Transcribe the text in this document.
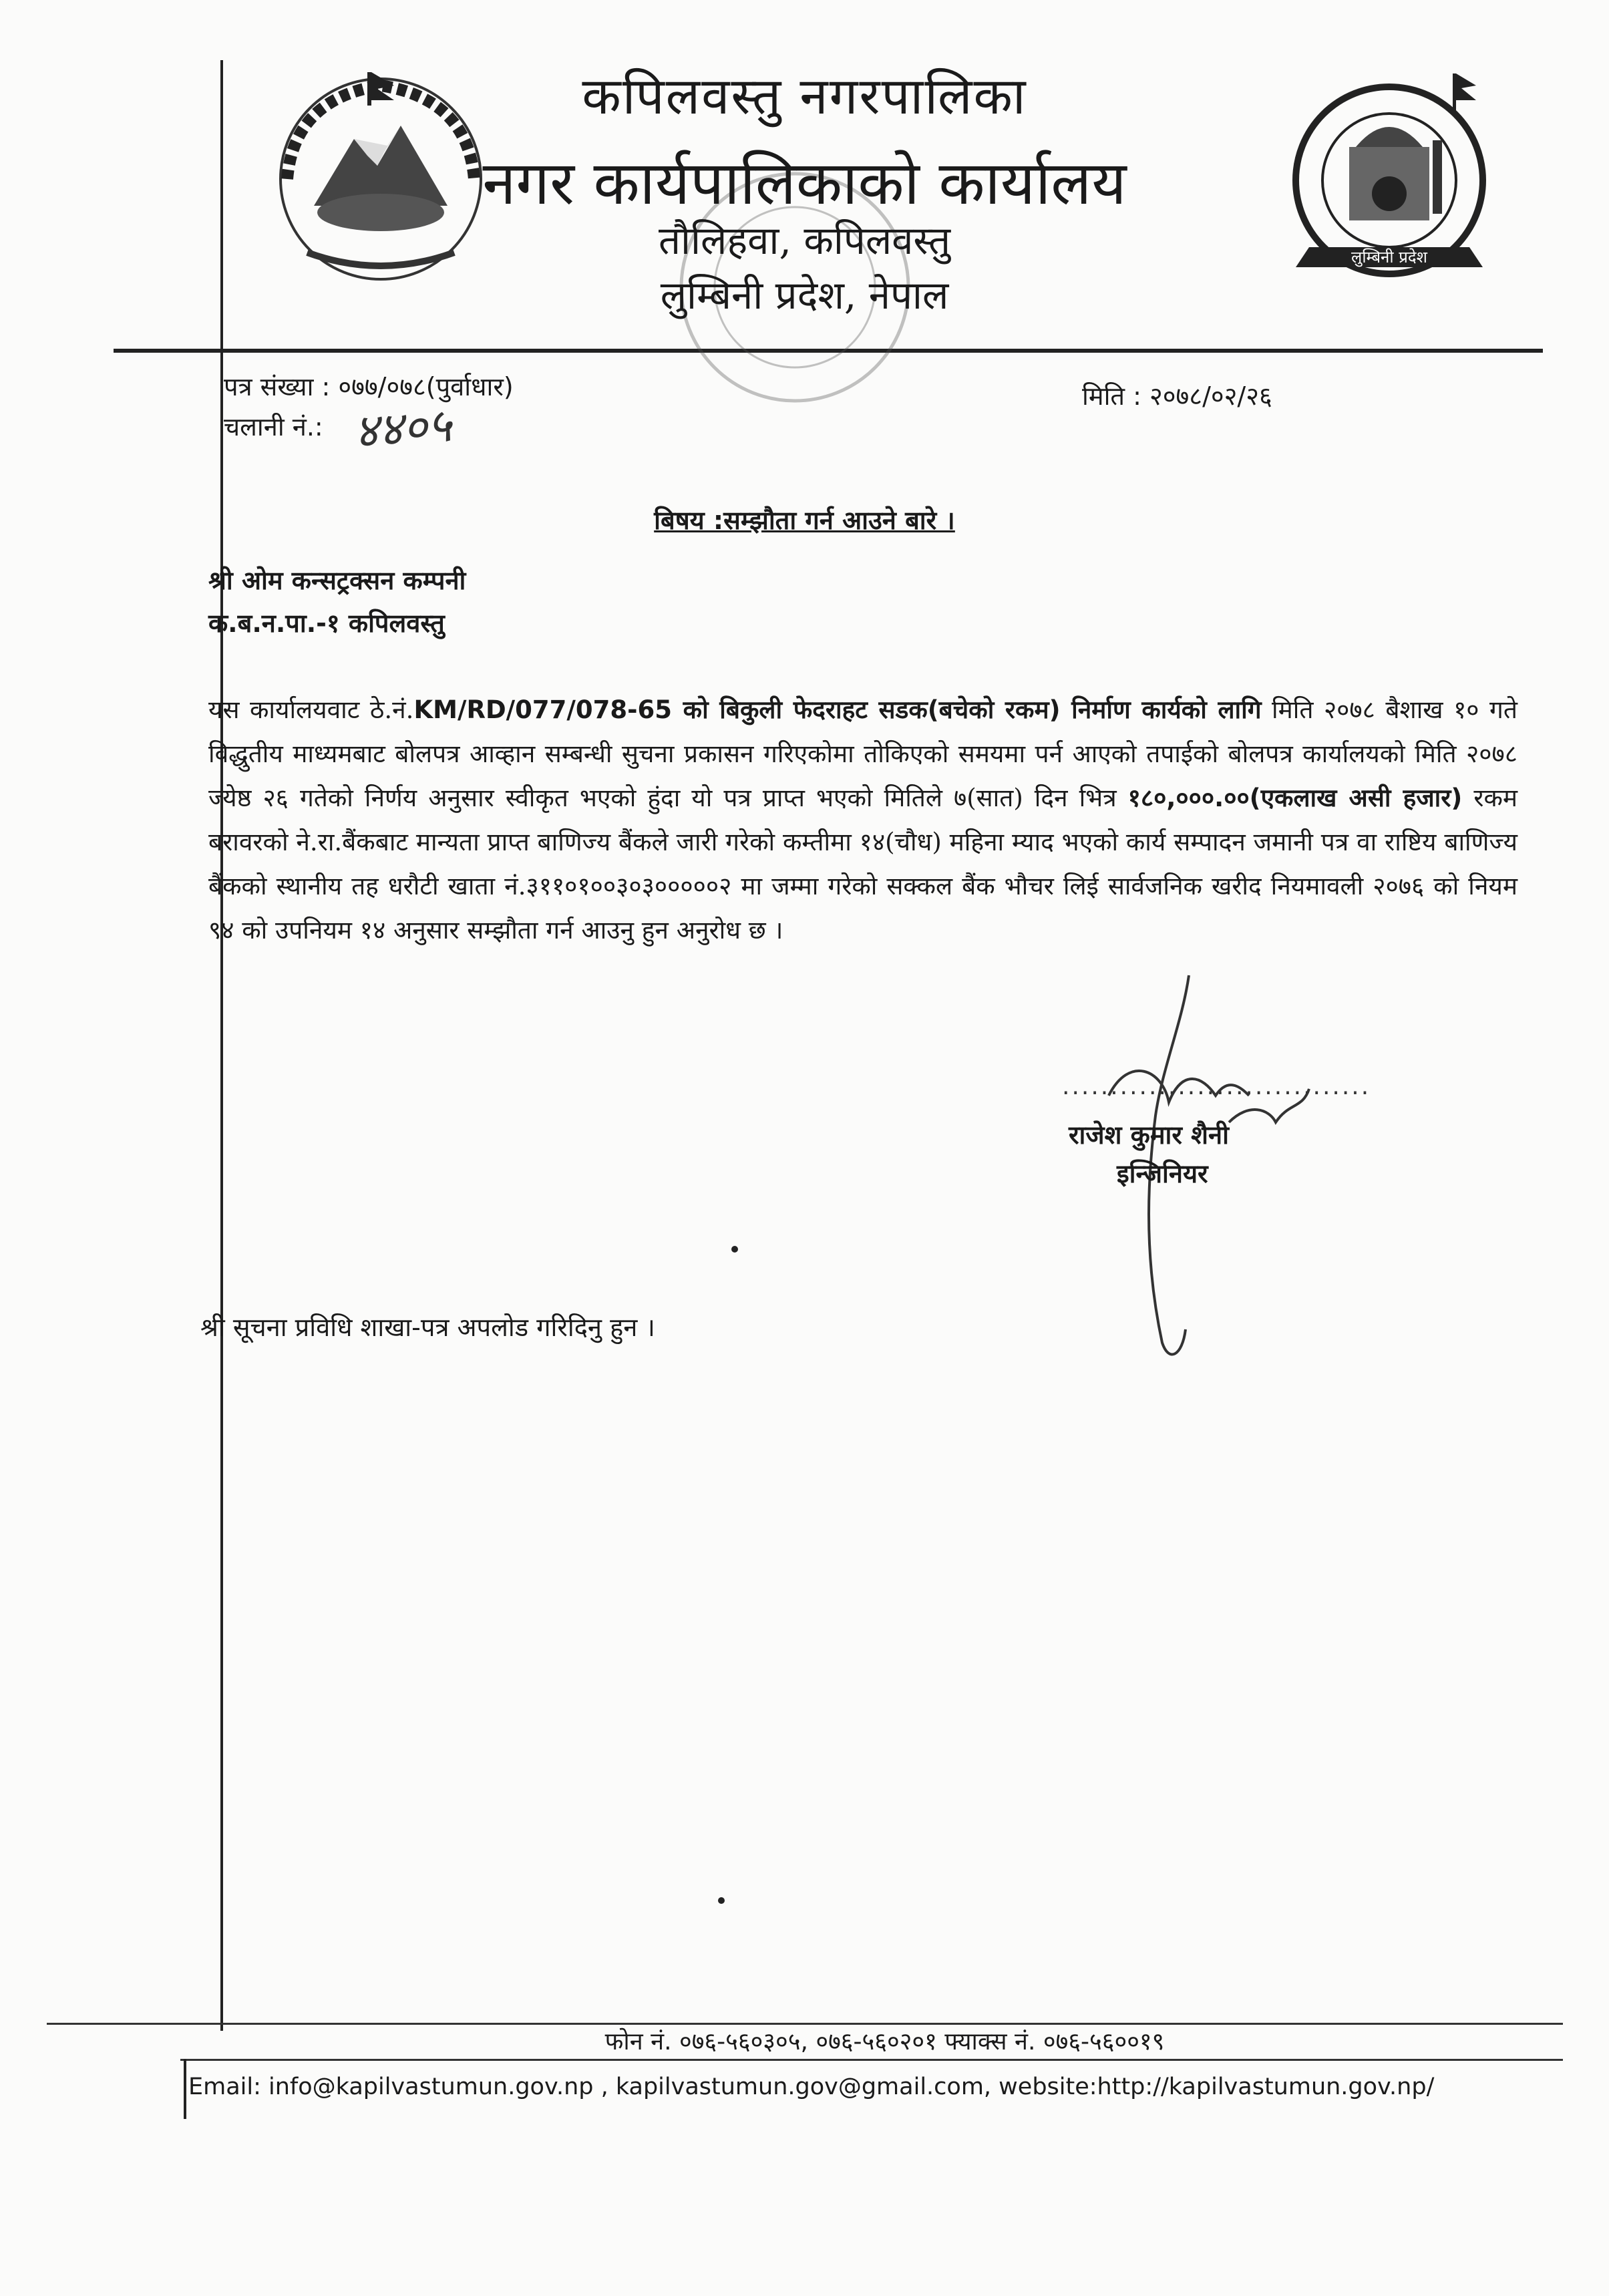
लुम्बिनी प्रदेश
कपिलवस्तु नगरपालिका
नगर कार्यपालिकाको कार्यालय
तौलिहवा, कपिलवस्तु
लुम्बिनी प्रदेश, नेपाल
पत्र संख्या : ०७७/०७८(पुर्वाधार)
चलानी नं.: ४४०५
मिति : २०७८/०२/२६
बिषय :सम्झौता गर्न आउने बारे ।
श्री ओम कन्सट्रक्सन कम्पनी
क.ब.न.पा.-१ कपिलवस्तु
यस कार्यालयवाट ठे.नं.KM/RD/077/078-65 को बिकुली फेदराहट सडक(बचेको रकम) निर्माण कार्यको लागि मिति २०७८ बैशाख १० गते विद्धुतीय माध्यमबाट बोलपत्र आव्हान सम्बन्धी सुचना प्रकासन गरिएकोमा तोकिएको समयमा पर्न आएको तपाईको बोलपत्र कार्यालयको मिति २०७८ ज्येष्ठ २६ गतेको निर्णय अनुसार स्वीकृत भएको हुंदा यो पत्र प्राप्त भएको मितिले ७(सात) दिन भित्र १८०,०००.००(एकलाख असी हजार) रकम बरावरको ने.रा.बैंकबाट मान्यता प्राप्त बाणिज्य बैंकले जारी गरेको कम्तीमा १४(चौध) महिना म्याद भएको कार्य सम्पादन जमानी पत्र वा राष्टिय बाणिज्य बैंकको स्थानीय तह धरौटी खाता नं.३११०१००३०३०००००२ मा जम्मा गरेको सक्कल बैंक भौचर लिई सार्वजनिक खरीद नियमावली २०७६ को नियम ९४ को उपनियम १४ अनुसार सम्झौता गर्न आउनु हुन अनुरोध छ ।
................................
राजेश कुमार शैनी
इन्जिनियर
श्री सूचना प्रविधि शाखा-पत्र अपलोड गरिदिनु हुन ।
फोन नं. ०७६-५६०३०५, ०७६-५६०२०१ फ्याक्स नं. ०७६-५६००१९
Email: info@kapilvastumun.gov.np , kapilvastumun.gov@gmail.com, website:http://kapilvastumun.gov.np/
